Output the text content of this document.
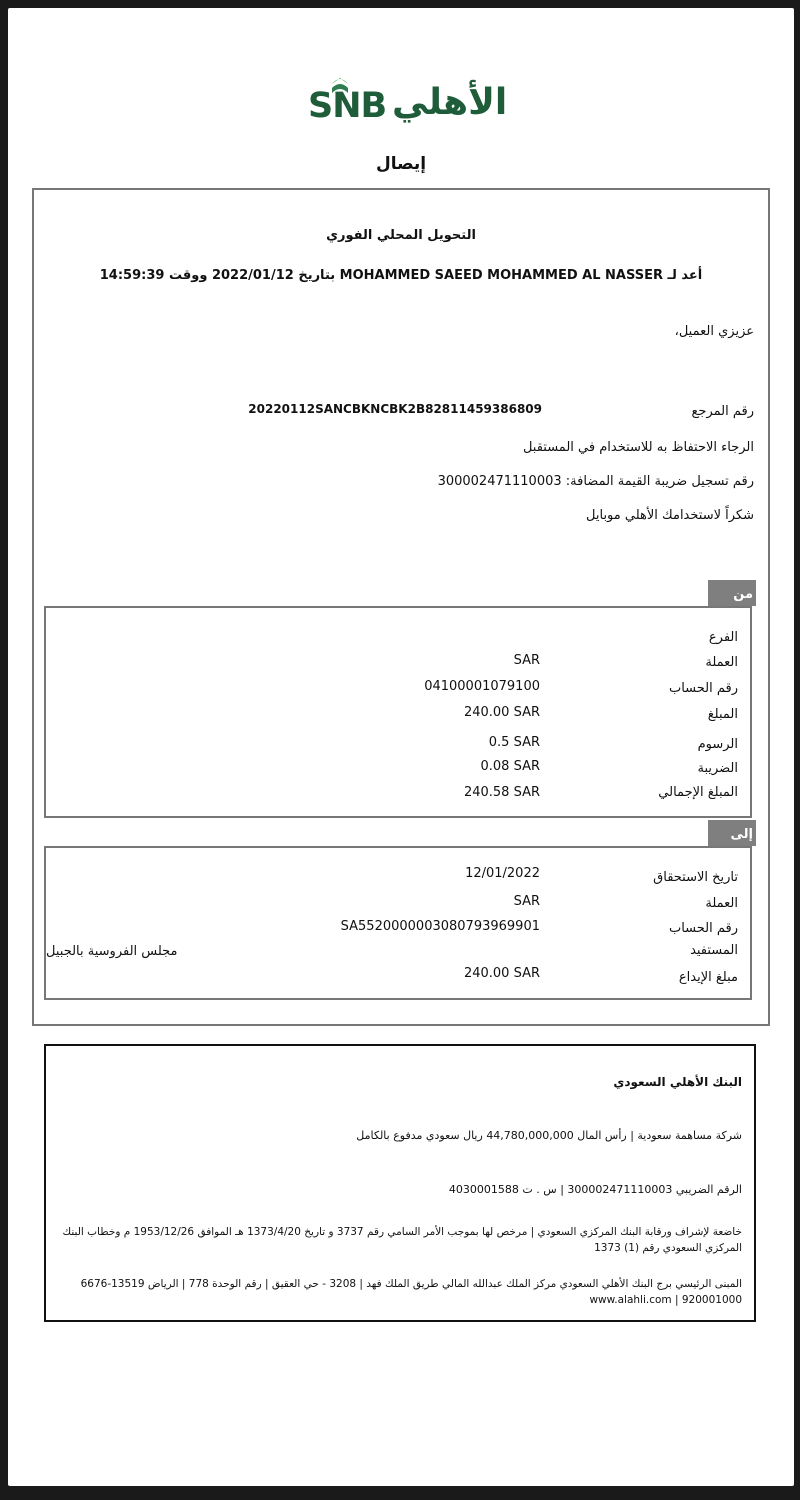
SNB الأهلي
إيصال
التحويل المحلي الفوري
أعد لـ MOHAMMED SAEED MOHAMMED AL NASSER بتاريخ 2022/01/12 ووقت 14:59:39
عزيزي العميل،
رقم المرجع
20220112SANCBKNCBK2B82811459386809
الرجاء الاحتفاظ به للاستخدام في المستقبل
رقم تسجيل ضريبة القيمة المضافة: 300002471110003
شكراً لاستخدامك الأهلي موبايل
من
الفرع
العملة
SAR
رقم الحساب
04100001079100
المبلغ
240.00 SAR
الرسوم
0.5 SAR
الضريبة
0.08 SAR
المبلغ الإجمالي
240.58 SAR
إلى
تاريخ الاستحقاق
12/01/2022
العملة
SAR
رقم الحساب
SA5520000003080793969901
المستفيد
مجلس الفروسية بالجبيل
مبلغ الإيداع
240.00 SAR
البنك الأهلي السعودي
شركة مساهمة سعودية | رأس المال 44,780,000,000 ريال سعودي مدفوع بالكامل
الرقم الضريبي 300002471110003 | س . ت 4030001588
خاضعة لإشراف ورقابة البنك المركزي السعودي | مرخص لها بموجب الأمر السامي رقم 3737 و تاريخ 1373/4/20 هـ الموافق 1953/12/26 م وخطاب البنك المركزي السعودي رقم (1) 1373
المبنى الرئيسي برج البنك الأهلي السعودي مركز الملك عبدالله المالي طريق الملك فهد | 3208 - حي العقيق | رقم الوحدة 778 | الرياض 13519-6676
920001000 | www.alahli.com
